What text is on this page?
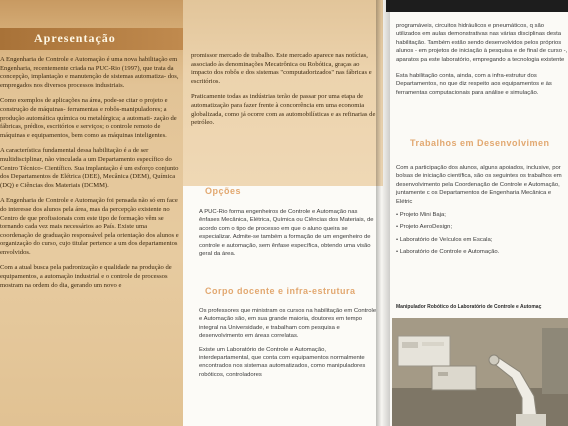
Apresentação

A Engenharia de Controle e Automação é uma nova habilitação em Engenharia, recentemente criada na PUC-Rio (1997), que trata da concepção, implantação e manutenção de sistemas automatiza- dos, empregados nos diversos processos industriais.

Como exemplos de aplicações na área, pode-se citar o projeto e construção de máquinas- ferramentas e robôs-manipuladores; a produção automática química ou metalúrgica; a automati- zação de fábricas, prédios, escritórios e serviços; o controle remoto de máquinas e equipamentos, bem como as máquinas inteligentes.

A característica fundamental dessa habilitação é a de ser multidisciplinar, não vinculada a um Departamento específico do Centro Técnico- Científico. Sua implantação é um esforço conjunto dos Departamentos de Elétrica (DEE), Mecânica (DEM), Química (DQ) e Ciências dos Materiais (DCMM).

A Engenharia de Controle e Automação foi pensada não só em face do interesse dos alunos pela área, mas da percepção existente no Centro de que profissionais com este tipo de formação vêm se tornando cada vez mais necessários ao País. Existe uma coordenação de graduação responsável pela orientação dos alunos e organização do curso, cujo titular pertence a um dos departamentos envolvidos.

Com a atual busca pela padronização e qualidade na produção de equipamentos, a automação industrial e o controle de processos mostram na ordem do dia, gerando um novo e

promissor mercado de trabalho. Este mercado aparece nas notícias, associado às denominações Mecatrônica ou Robótica, graças ao impacto dos robôs e dos sistemas "computadorizados" nas fábricas e escritórios.

Praticamente todas as indústrias terão de passar por uma etapa de automatização para fazer frente à concorrência em uma economia globalizada, como já ocorre com as automobilísticas e as refinarias de petróleo.

Opções

A PUC-Rio forma engenheiros de Controle e Automação nas ênfases Mecânica, Elétrica, Química ou Ciências dos Materiais, de acordo com o tipo de processo em que o aluno queira se especializar. Admite-se também a formação de um engenheiro de controle e automação, sem ênfase específica, obtendo uma visão geral da área.

Corpo docente e infra-estrutura

Os professores que ministram os cursos na habilitação em Controle e Automação são, em sua grande maioria, doutores em tempo integral na Universidade, e trabalham com pesquisa e desenvolvimento em áreas correlatas.

Existe um Laboratório de Controle e Automação, interdepartamental, que conta com equipamentos normalmente encontrados nos sistemas automatizados, como manipuladores robóticos, controladores

programáveis, circuitos hidráulicos e pneumáticos, q são utilizados em aulas demonstrativas nas várias disciplinas desta habilitação. Também estão sendo desenvolvidos pelos próprios alunos - em projetos de iniciação à pesquisa e de final de curso -, aparatos pa este laboratório, empregando a tecnologia existente

Esta habilitação conta, ainda, com a infra-estrutur dos Departamentos, no que diz respeito aos equipamentos e às ferramentas computacionais para análise e simulação.

Trabalhos em Desenvolvimen

Com a participação dos alunos, alguns apoiados, inclusive, por bolsas de iniciação científica, são os seguintes os trabalhos em desenvolvimento pela Coordenação de Controle e Automação, juntamente c os Departamentos de Engenharia Mecânica e Elétric

• Projeto Mini Baja;
• Projeto AeroDesign;
• Laboratório de Veículos em Escala;
• Laboratório de Controle e Automação.
Manipulador Robótico do Laboratório de Controle e Automaç
